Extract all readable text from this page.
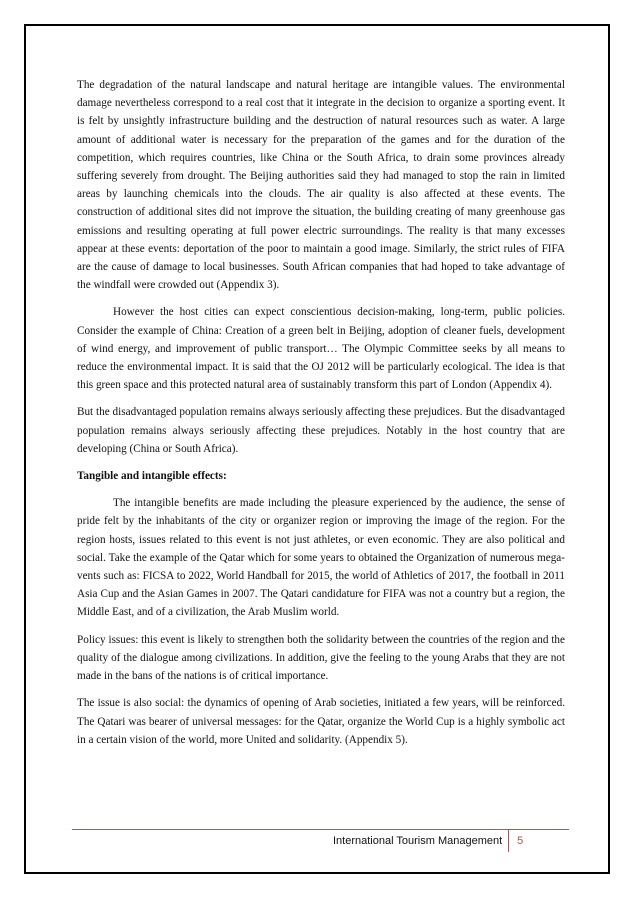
The degradation of the natural landscape and natural heritage are intangible values. The environmental damage nevertheless correspond to a real cost that it integrate in the decision to organize a sporting event. It is felt by unsightly infrastructure building and the destruction of natural resources such as water. A large amount of additional water is necessary for the preparation of the games and for the duration of the competition, which requires countries, like China or the South Africa, to drain some provinces already suffering severely from drought. The Beijing authorities said they had managed to stop the rain in limited areas by launching chemicals into the clouds. The air quality is also affected at these events. The construction of additional sites did not improve the situation, the building creating of many greenhouse gas emissions and resulting operating at full power electric surroundings. The reality is that many excesses appear at these events: deportation of the poor to maintain a good image. Similarly, the strict rules of FIFA are the cause of damage to local businesses. South African companies that had hoped to take advantage of the windfall were crowded out (Appendix 3).

However the host cities can expect conscientious decision-making, long-term, public policies. Consider the example of China: Creation of a green belt in Beijing, adoption of cleaner fuels, development of wind energy, and improvement of public transport… The Olympic Committee seeks by all means to reduce the environmental impact. It is said that the OJ 2012 will be particularly ecological. The idea is that this green space and this protected natural area of sustainably transform this part of London (Appendix 4).

But the disadvantaged population remains always seriously affecting these prejudices. But the disadvantaged population remains always seriously affecting these prejudices. Notably in the host country that are developing (China or South Africa).

Tangible and intangible effects:

The intangible benefits are made including the pleasure experienced by the audience, the sense of pride felt by the inhabitants of the city or organizer region or improving the image of the region. For the region hosts, issues related to this event is not just athletes, or even economic. They are also political and social. Take the example of the Qatar which for some years to obtained the Organization of numerous mega-vents such as: FICSA to 2022, World Handball for 2015, the world of Athletics of 2017, the football in 2011 Asia Cup and the Asian Games in 2007. The Qatari candidature for FIFA was not a country but a region, the Middle East, and of a civilization, the Arab Muslim world.

Policy issues: this event is likely to strengthen both the solidarity between the countries of the region and the quality of the dialogue among civilizations. In addition, give the feeling to the young Arabs that they are not made in the bans of the nations is of critical importance.

The issue is also social: the dynamics of opening of Arab societies, initiated a few years, will be reinforced. The Qatari was bearer of universal messages: for the Qatar, organize the World Cup is a highly symbolic act in a certain vision of the world, more United and solidarity. (Appendix 5).

International Tourism Management 5
